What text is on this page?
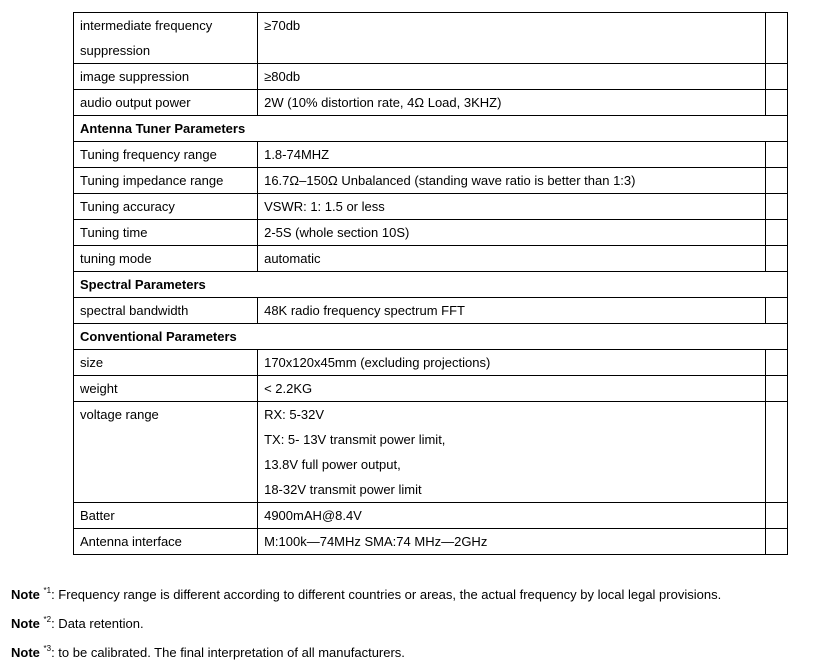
intermediate frequency suppression	≥70db	

image suppression	≥80db	

audio output power	2W (10% distortion rate, 4Ω Load, 3KHZ)	

Antenna Tuner Parameters		
Tuning frequency range	1.8-74MHZ	

Tuning impedance range	16.7Ω–150Ω Unbalanced (standing wave ratio is better than 1:3)	

Tuning accuracy	VSWR: 1: 1.5 or less	

Tuning time	2-5S (whole section 10S)	

tuning mode	automatic	

Spectral Parameters		
spectral bandwidth	48K radio frequency spectrum FFT	

Conventional Parameters		
size	170x120x45mm (excluding projections)	

weight	< 2.2KG	

voltage range	RX: 5-32V
TX: 5- 13V transmit power limit,
13.8V full power output,
18-32V transmit power limit	

Batter	4900mAH@8.4V	

Antenna interface	M:100k—74MHz SMA:74 MHz—2GHz	

Note $^{*1}$: Frequency range is different according to different countries or areas, the actual frequency by local legal provisions.
Note $^{*2}$: Data retention.
Note $^{*3}$: to be calibrated. The final interpretation of all manufacturers.
